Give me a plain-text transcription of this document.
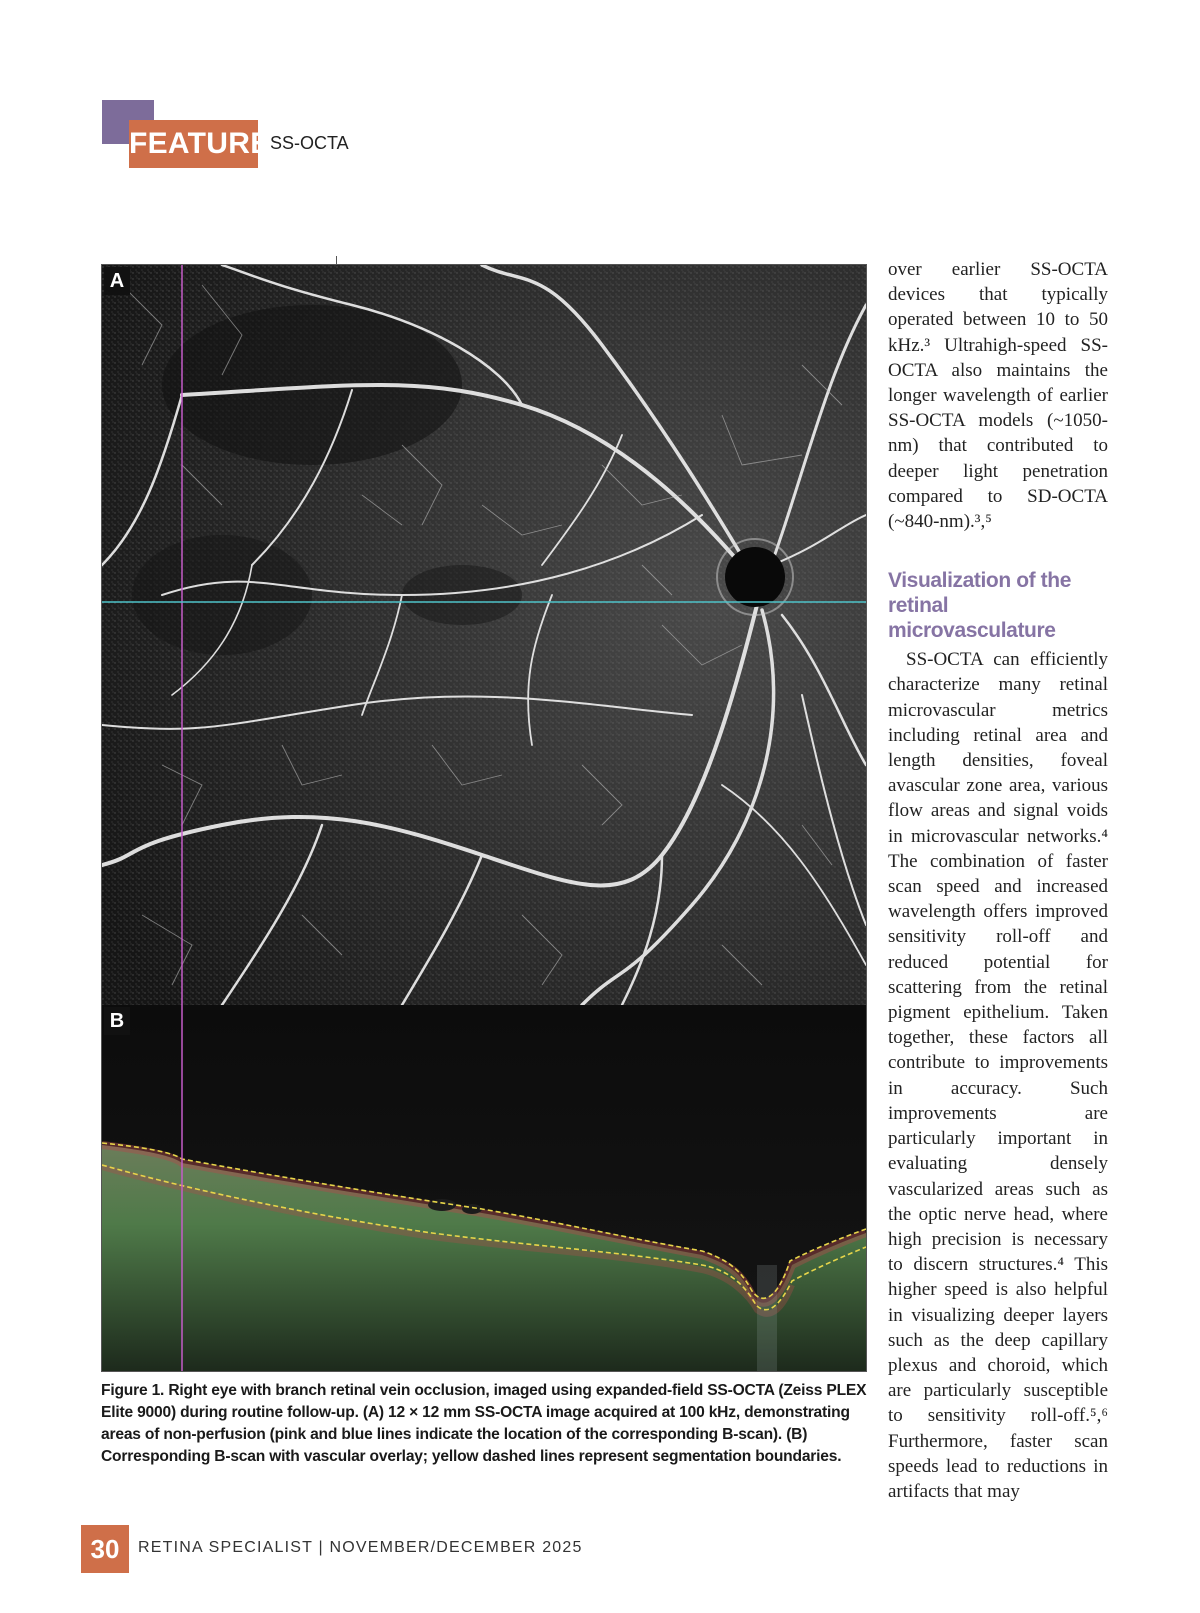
FEATURE SS-OCTA
A
B
Figure 1. Right eye with branch retinal vein occlusion, imaged using expanded-field SS-OCTA (Zeiss PLEX Elite 9000) during routine follow-up. (A) 12 × 12 mm SS-OCTA image acquired at 100 kHz, demonstrating areas of non-perfusion (pink and blue lines indicate the location of the corresponding B-scan). (B) Corresponding B-scan with vascular overlay; yellow dashed lines represent segmentation boundaries.

over earlier SS-OCTA devices that typically operated between 10 to 50 kHz.³ Ultrahigh-speed SS-OCTA also maintains the longer wavelength of earlier SS-OCTA models (~1050-nm) that contributed to deeper light penetration compared to SD-OCTA (~840-nm).³,⁵

Visualization of the retinal microvasculature

SS-OCTA can efficiently characterize many retinal microvascular metrics including retinal area and length densities, foveal avascular zone area, various flow areas and signal voids in microvascular networks.⁴ The combination of faster scan speed and increased wavelength offers improved sensitivity roll-off and reduced potential for scattering from the retinal pigment epithelium. Taken together, these factors all contribute to improvements in accuracy. Such improvements are particularly important in evaluating densely vascularized areas such as the optic nerve head, where high precision is necessary to discern structures.⁴ This higher speed is also helpful in visualizing deeper layers such as the deep capillary plexus and choroid, which are particularly susceptible to sensitivity roll-off.⁵,⁶ Furthermore, faster scan speeds lead to reductions in artifacts that may

30	RETINA SPECIALIST | NOVEMBER/DECEMBER 2025
